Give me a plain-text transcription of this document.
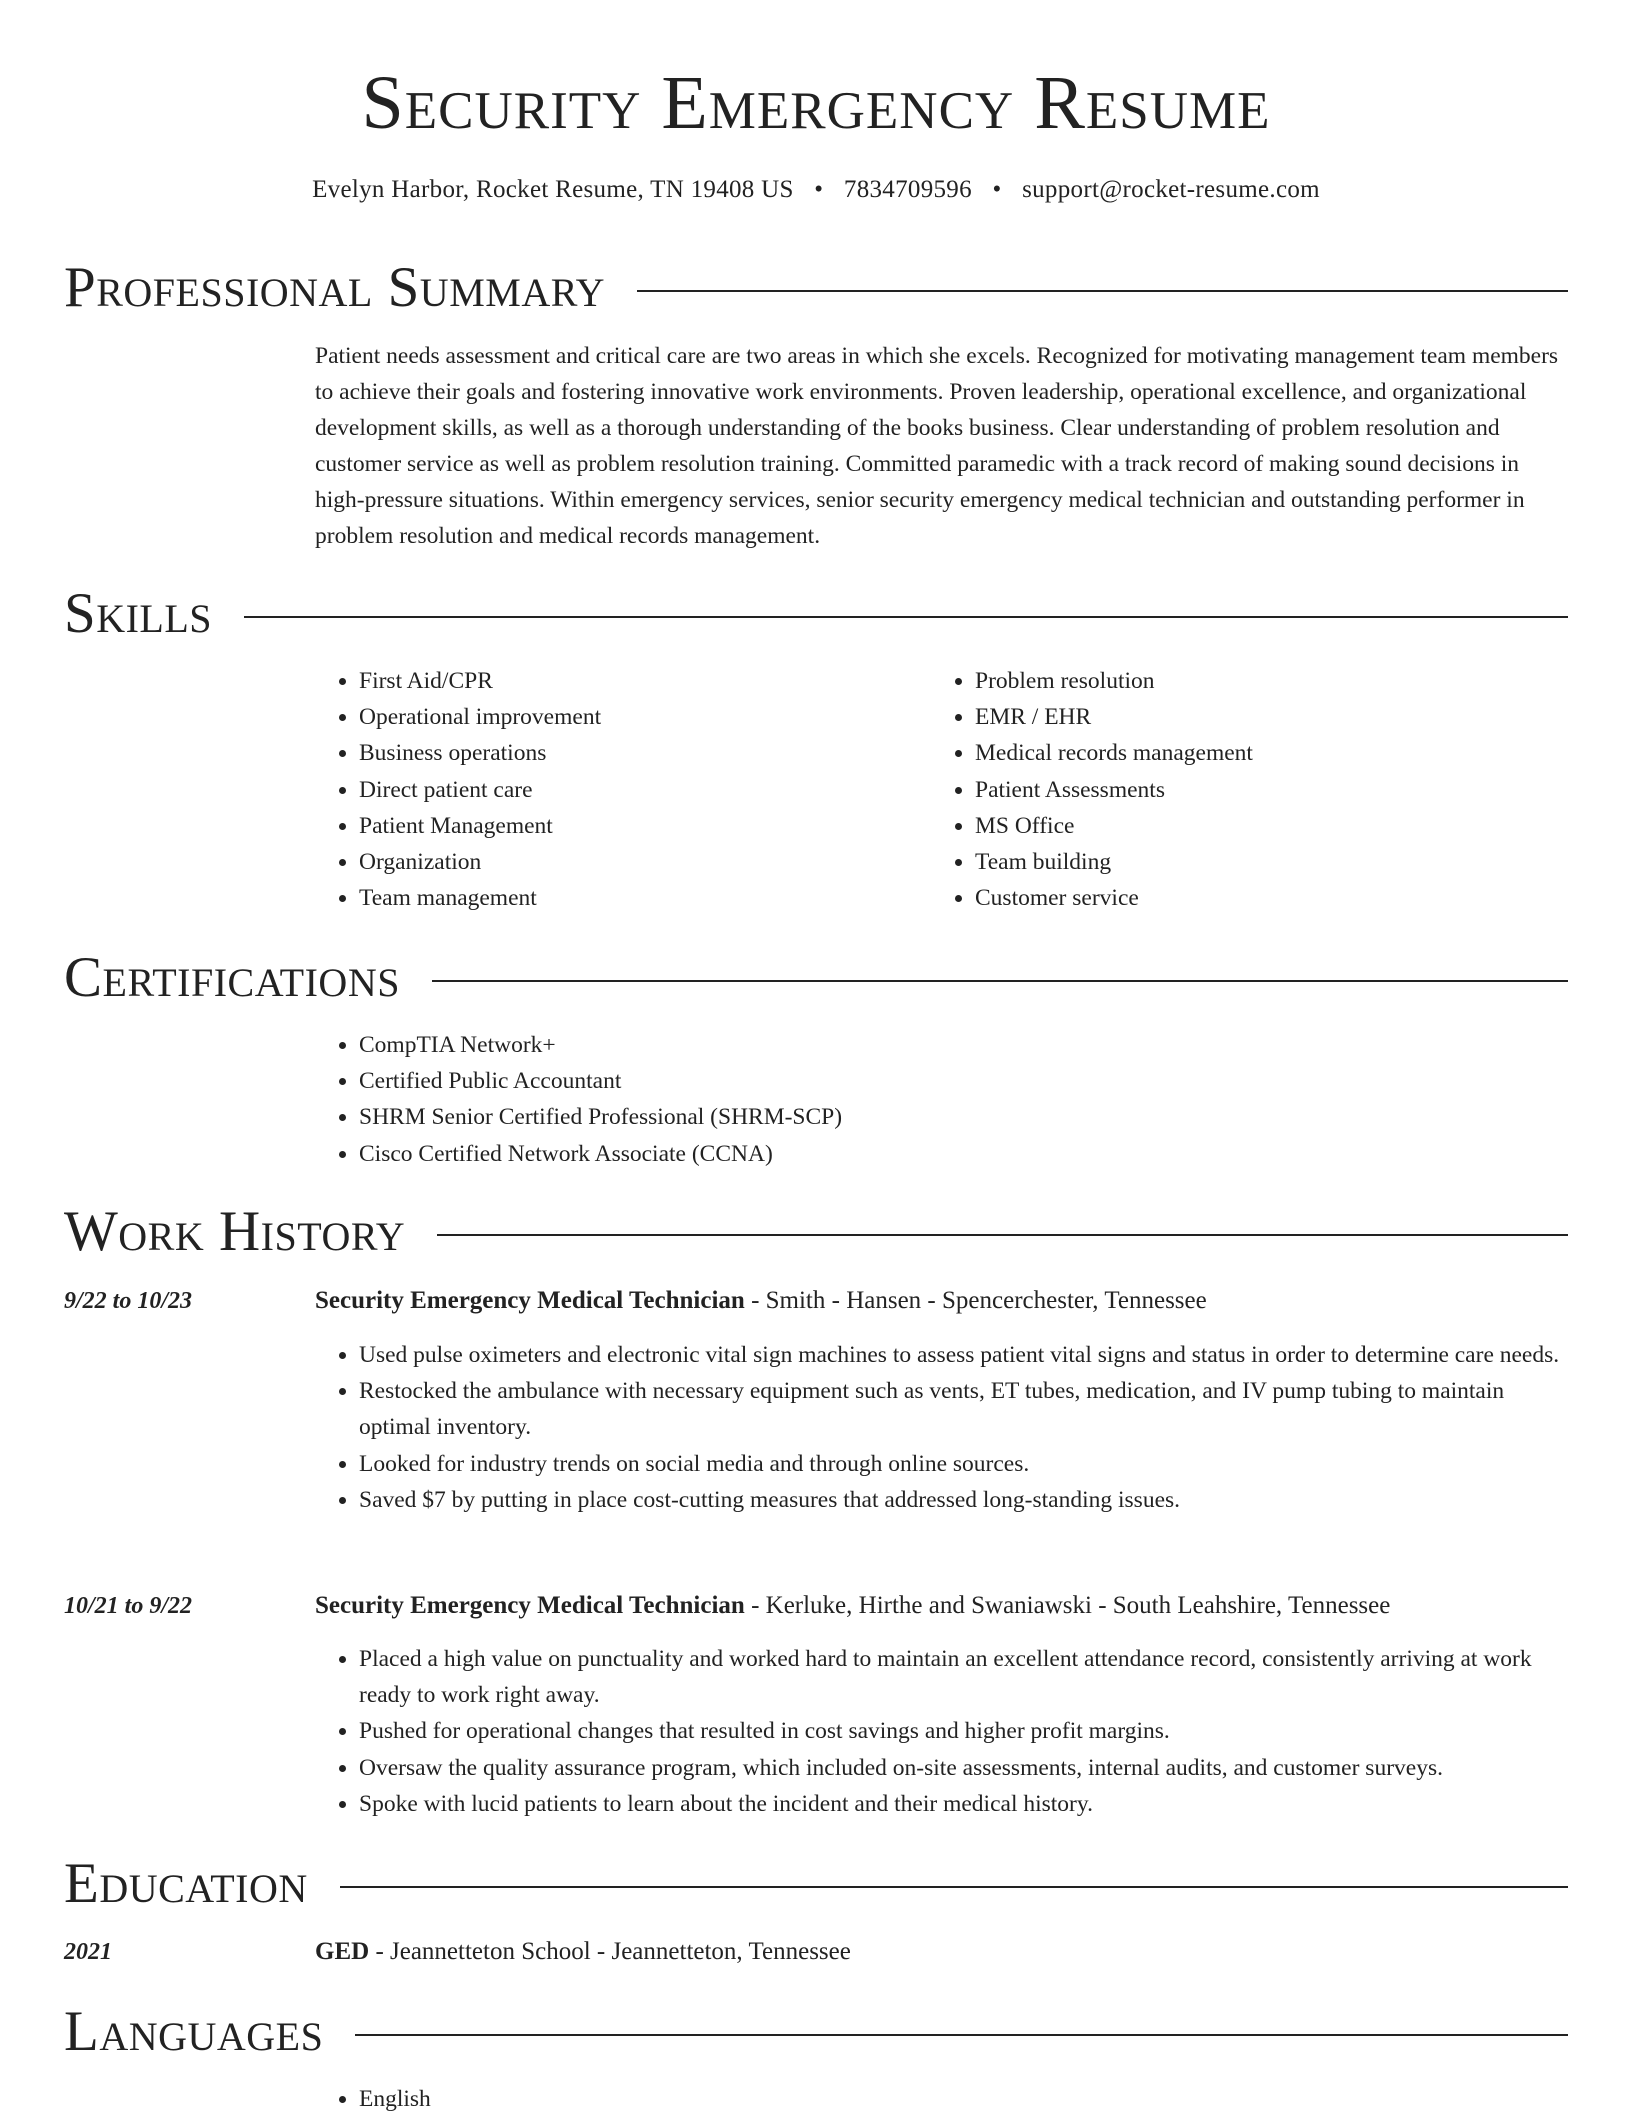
Security Emergency Resume
Evelyn Harbor, Rocket Resume, TN 19408 US • 7834709596 • support@rocket-resume.com
Professional Summary

Patient needs assessment and critical care are two areas in which she excels. Recognized for motivating management team members to achieve their goals and fostering innovative work environments. Proven leadership, operational excellence, and organizational development skills, as well as a thorough understanding of the books business. Clear understanding of problem resolution and customer service as well as problem resolution training. Committed paramedic with a track record of making sound decisions in high-pressure situations. Within emergency services, senior security emergency medical technician and outstanding performer in problem resolution and medical records management.

Skills
• First Aid/CPR
• Operational improvement
• Business operations
• Direct patient care
• Patient Management
• Organization
• Team management
• Problem resolution
• EMR / EHR
• Medical records management
• Patient Assessments
• MS Office
• Team building
• Customer service
Certifications
• CompTIA Network+
• Certified Public Accountant
• SHRM Senior Certified Professional (SHRM-SCP)
• Cisco Certified Network Associate (CCNA)
Work History
9/22 to 10/23	Security Emergency Medical Technician - Smith - Hansen - Spencerchester, Tennessee
• Used pulse oximeters and electronic vital sign machines to assess patient vital signs and status in order to determine care needs.
• Restocked the ambulance with necessary equipment such as vents, ET tubes, medication, and IV pump tubing to maintain optimal inventory.
• Looked for industry trends on social media and through online sources.
• Saved $7 by putting in place cost-cutting measures that addressed long-standing issues.
10/21 to 9/22	Security Emergency Medical Technician - Kerluke, Hirthe and Swaniawski - South Leahshire, Tennessee
• Placed a high value on punctuality and worked hard to maintain an excellent attendance record, consistently arriving at work ready to work right away.
• Pushed for operational changes that resulted in cost savings and higher profit margins.
• Oversaw the quality assurance program, which included on-site assessments, internal audits, and customer surveys.
• Spoke with lucid patients to learn about the incident and their medical history.
Education
2021	GED - Jeannetteton School - Jeannetteton, Tennessee
Languages
• English
